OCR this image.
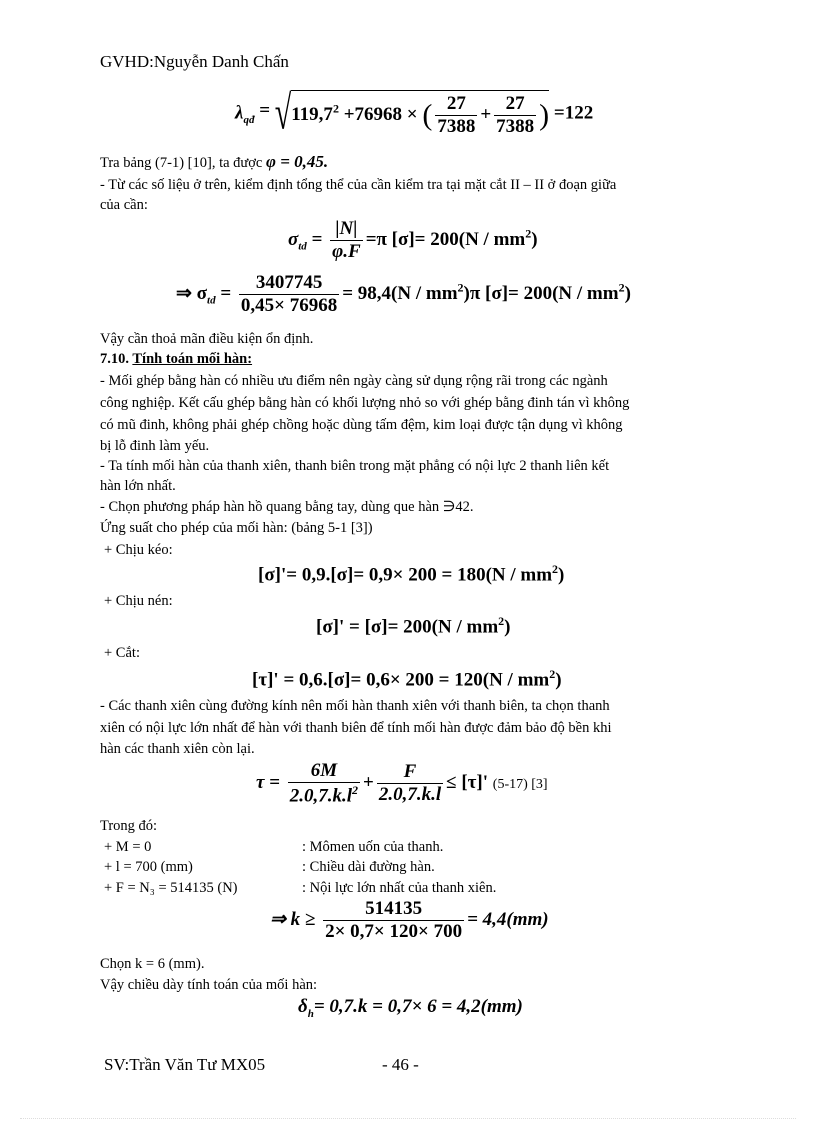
GVHD:Nguyễn Danh Chấn
$\lambda_{qđ} = √119,7^2 +76968$ × ( $\frac{27}{7388} + \frac{27}{7388}$ ) =122
Tra bảng (7-1) [10], ta được φ = 0,45.
- Từ các số liệu ở trên, kiểm định tổng thể của cần kiểm tra tại mặt cắt II – II ở đoạn giữa
của cần:
$\sigma_{td} = \frac{|N|}{\varphi.F} =\pi$ $[\sigma]= 200(N / mm^2)$
⇒ $\sigma_{td} = \frac{3407745}{0,45\times 76968} = 98,4(N / mm^2)\pi$ $[\sigma]= 200(N / mm^2)$
Vậy cần thoả mãn điều kiện ổn định.
7.10. Tính toán mối hàn:
- Mối ghép bằng hàn có nhiều ưu điểm nên ngày càng sử dụng rộng rãi trong các ngành
công nghiệp. Kết cấu ghép bằng hàn có khối lượng nhỏ so với ghép bằng đinh tán vì không
có mũ đinh, không phải ghép chồng hoặc dùng tấm đệm, kim loại được tận dụng vì không
bị lỗ đinh làm yếu.
- Ta tính mối hàn của thanh xiên, thanh biên trong mặt phẳng có nội lực 2 thanh liên kết
hàn lớn nhất.
- Chọn phương pháp hàn hồ quang bằng tay, dùng que hàn ∋42.
Ứng suất cho phép của mối hàn: (bảng 5-1 [3])
+ Chịu kéo:
$[\sigma]'= 0,9.[\sigma]= 0,9\times 200 = 180(N / mm^2)$
+ Chịu nén:
$[\sigma]' = [\sigma]= 200(N / mm^2)$
+ Cắt:
$[\tau]' = 0,6.[\sigma]= 0,6\times 200 = 120(N / mm^2)$
- Các thanh xiên cùng đường kính nên mối hàn thanh xiên với thanh biên, ta chọn thanh
xiên có nội lực lớn nhất để hàn với thanh biên để tính mối hàn được đảm bảo độ bền khi
hàn các thanh xiên còn lại.
$\tau = \frac{6M}{2.0,7.k.l^2} + \frac{F}{2.0,7.k.l} \le [\tau]'$ (5-17) [3]
Trong đó:
+ M = 0	: Mômen uốn của thanh.
+ l = 700 (mm)	: Chiều dài đường hàn.
+ F = N₃ = 514135 (N)	: Nội lực lớn nhất của thanh xiên.
⇒ $k \ge \frac{514135}{2\times 0,7\times 120\times 700} = 4,4(mm)$
Chọn k = 6 (mm).
Vậy chiều dày tính toán của mối hàn:
$\delta_h= 0,7.k = 0,7\times 6 = 4,2(mm)$
SV:Trần Văn Tư MX05	- 46 -
